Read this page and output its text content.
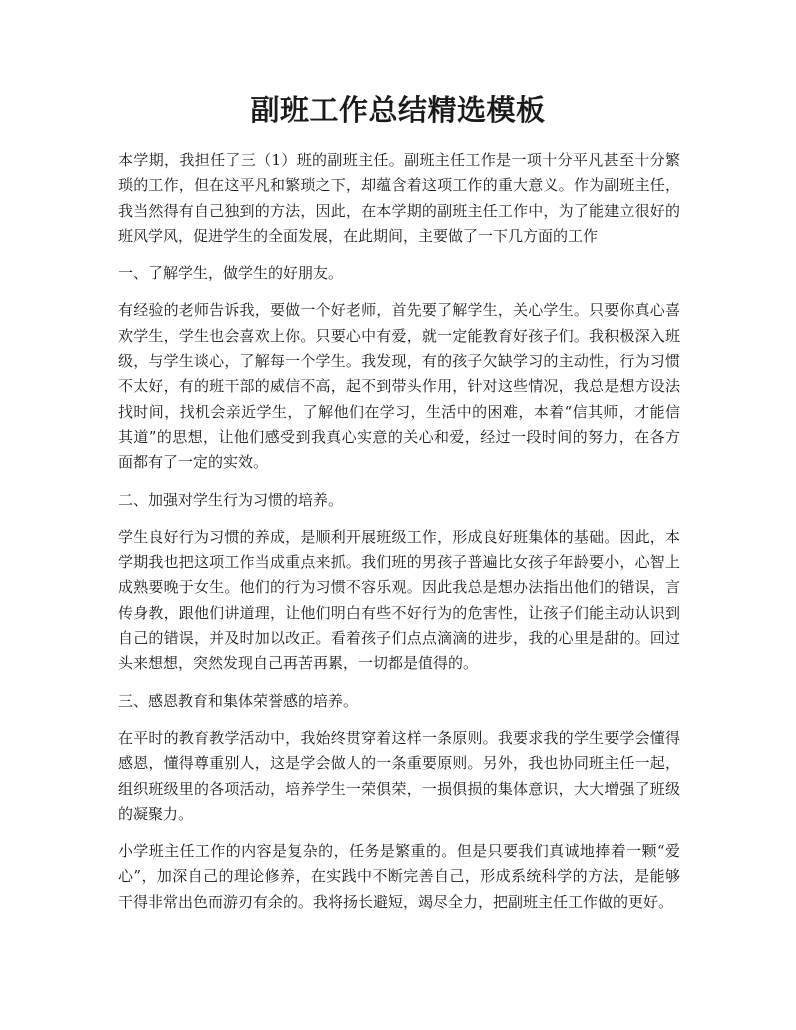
副班工作总结精选模板

本学期，我担任了三（1）班的副班主任。副班主任工作是一项十分平凡甚至十分繁琐的工作，但在这平凡和繁琐之下，却蕴含着这项工作的重大意义。作为副班主任，我当然得有自己独到的方法，因此，在本学期的副班主任工作中，为了能建立很好的班风学风，促进学生的全面发展，在此期间，主要做了一下几方面的工作

一、了解学生，做学生的好朋友。

有经验的老师告诉我，要做一个好老师，首先要了解学生，关心学生。只要你真心喜欢学生，学生也会喜欢上你。只要心中有爱，就一定能教育好孩子们。我积极深入班级，与学生谈心，了解每一个学生。我发现，有的孩子欠缺学习的主动性，行为习惯不太好，有的班干部的威信不高，起不到带头作用，针对这些情况，我总是想方设法找时间，找机会亲近学生，了解他们在学习，生活中的困难，本着“信其师，才能信其道”的思想，让他们感受到我真心实意的关心和爱，经过一段时间的努力，在各方面都有了一定的实效。

二、加强对学生行为习惯的培养。

学生良好行为习惯的养成，是顺利开展班级工作，形成良好班集体的基础。因此，本学期我也把这项工作当成重点来抓。我们班的男孩子普遍比女孩子年龄要小，心智上成熟要晚于女生。他们的行为习惯不容乐观。因此我总是想办法指出他们的错误，言传身教，跟他们讲道理，让他们明白有些不好行为的危害性，让孩子们能主动认识到自己的错误，并及时加以改正。看着孩子们点点滴滴的进步，我的心里是甜的。回过头来想想，突然发现自己再苦再累，一切都是值得的。

三、感恩教育和集体荣誉感的培养。

在平时的教育教学活动中，我始终贯穿着这样一条原则。我要求我的学生要学会懂得感恩，懂得尊重别人，这是学会做人的一条重要原则。另外，我也协同班主任一起，组织班级里的各项活动，培养学生一荣俱荣，一损俱损的集体意识，大大增强了班级的凝聚力。

小学班主任工作的内容是复杂的，任务是繁重的。但是只要我们真诚地捧着一颗“爱心”，加深自己的理论修养，在实践中不断完善自己，形成系统科学的方法，是能够干得非常出色而游刃有余的。我将扬长避短，竭尽全力，把副班主任工作做的更好。
